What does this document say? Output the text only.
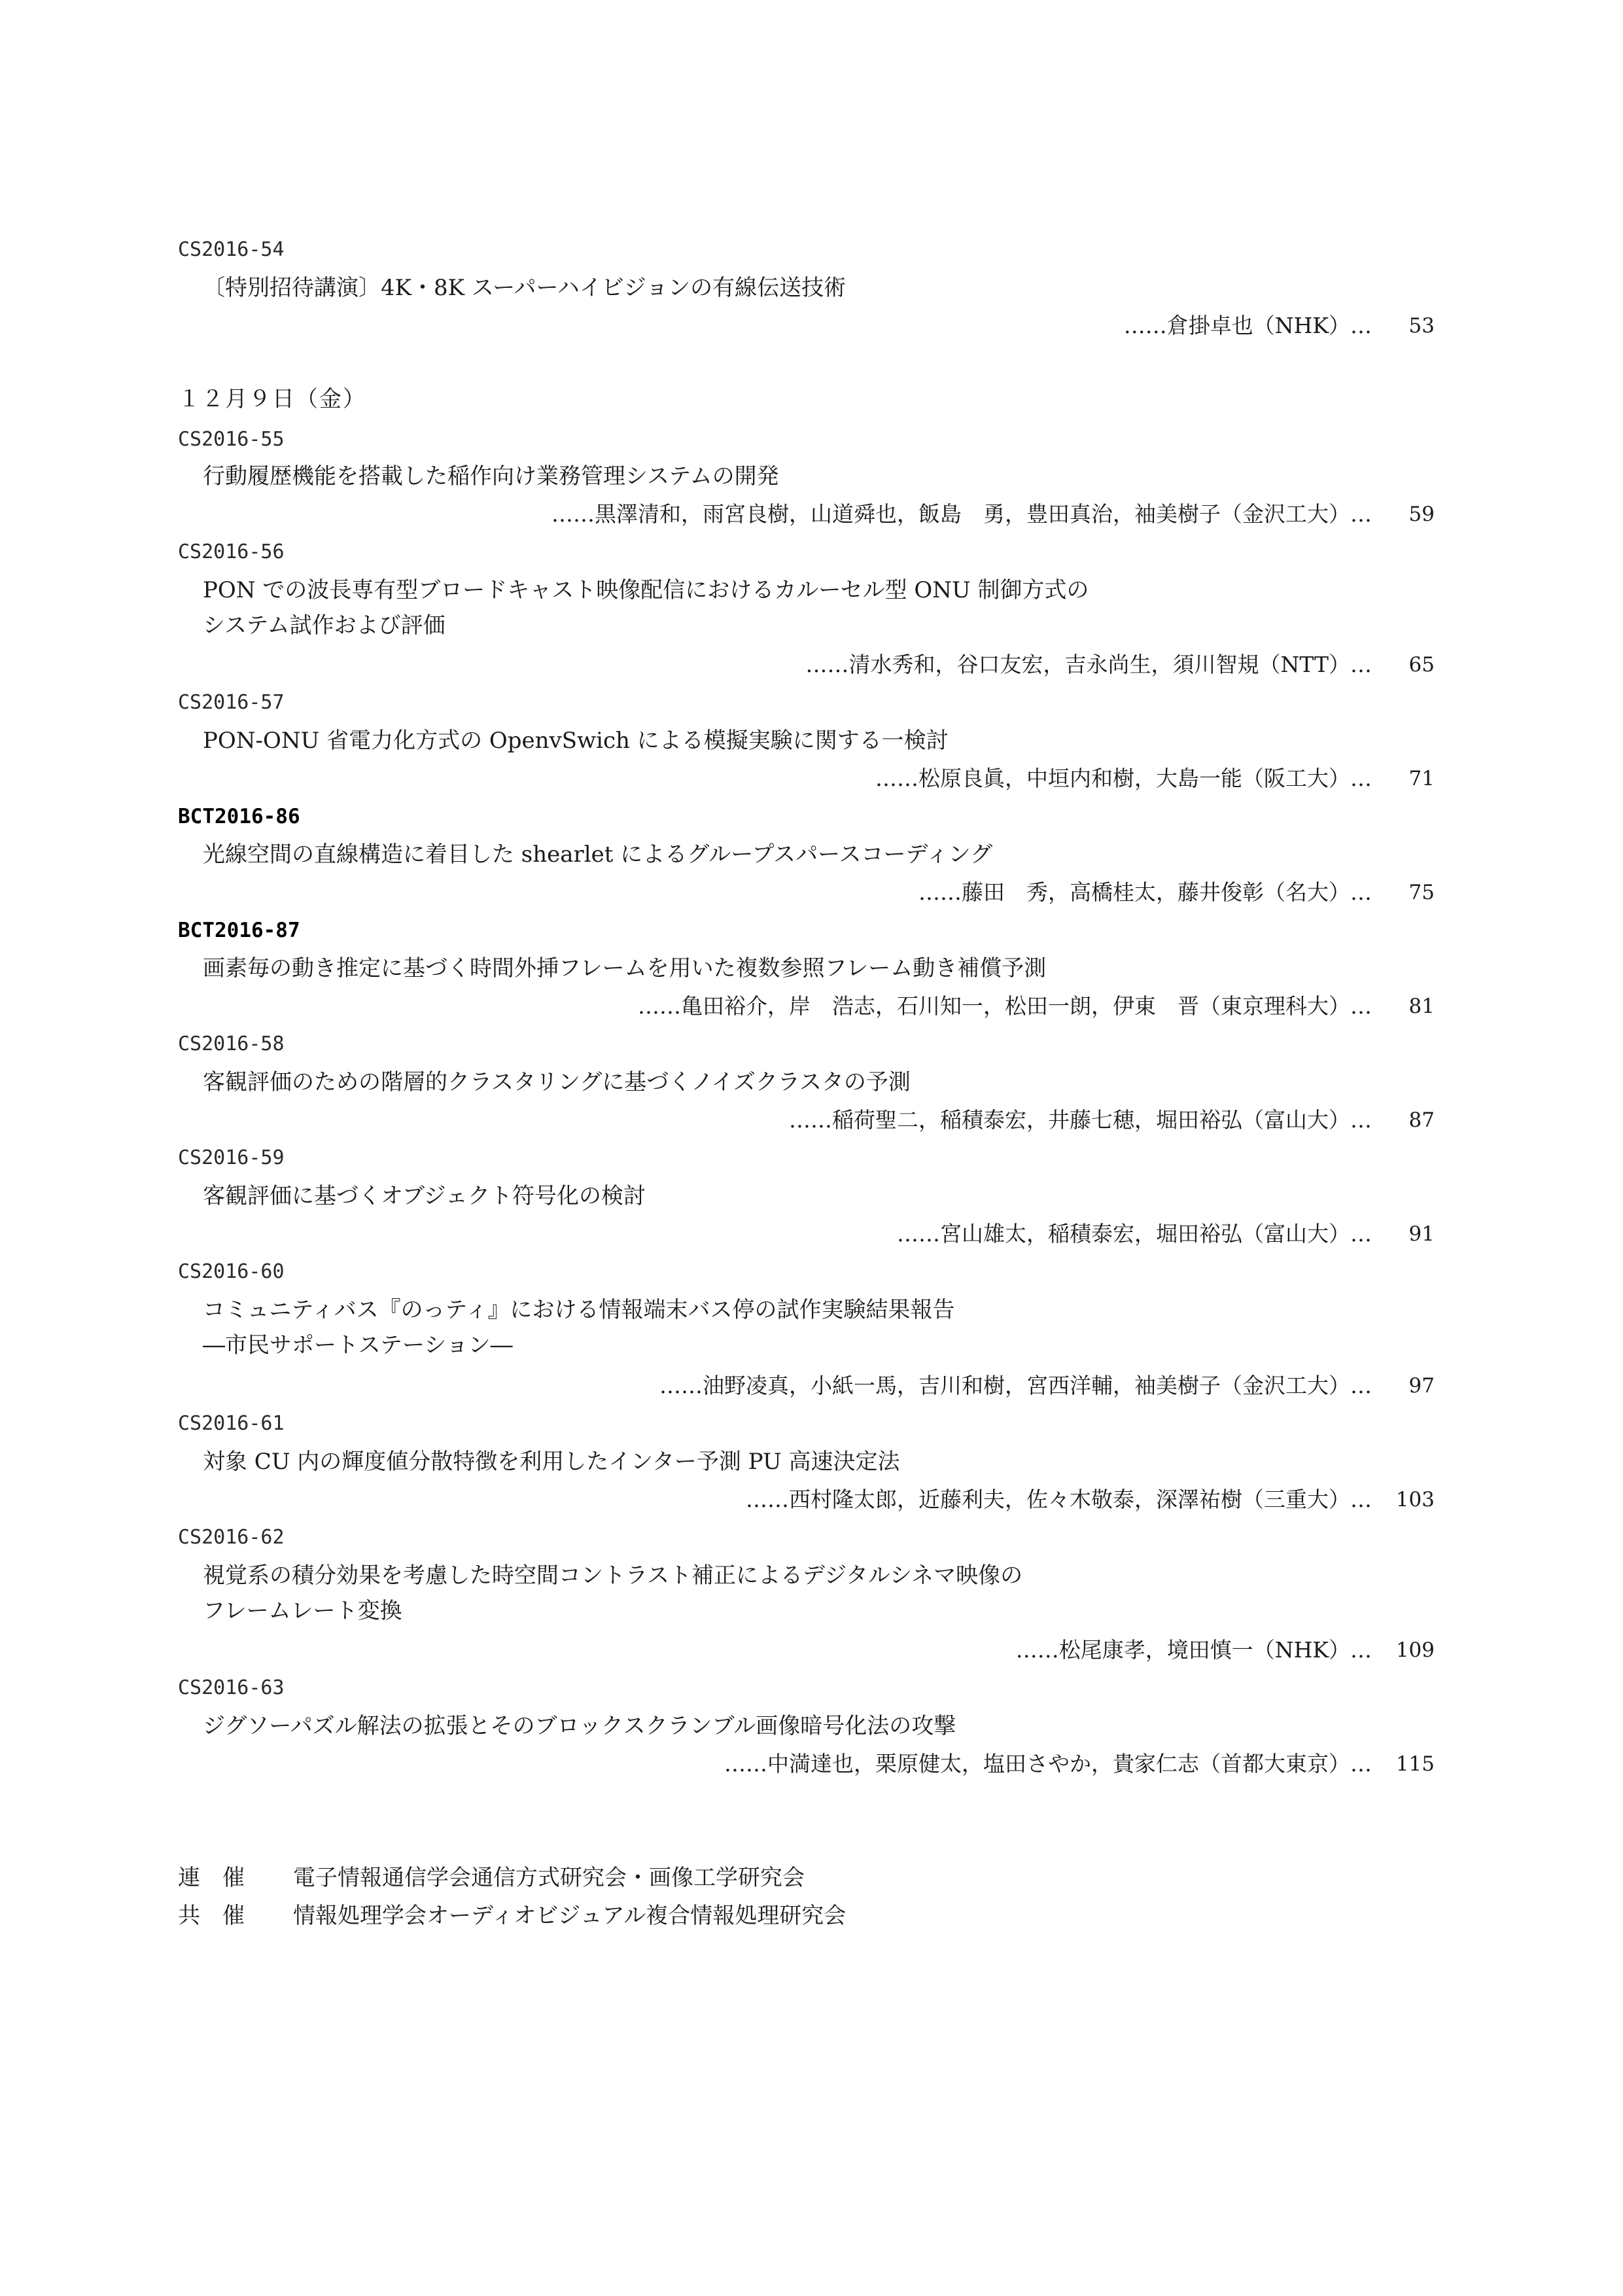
CS2016-54
〔特別招待講演〕4K・8K スーパーハイビジョンの有線伝送技術
……倉掛卓也（NHK）… 53
１２月９日（金）
CS2016-55
行動履歴機能を搭載した稲作向け業務管理システムの開発
……黒澤清和，雨宮良樹，山道舜也，飯島　勇，豊田真治，袖美樹子（金沢工大）… 59
CS2016-56
PON での波長専有型ブロードキャスト映像配信におけるカルーセル型 ONU 制御方式の
システム試作および評価
……清水秀和，谷口友宏，吉永尚生，須川智規（NTT）… 65
CS2016-57
PON-ONU 省電力化方式の OpenvSwich による模擬実験に関する一検討
……松原良眞，中垣内和樹，大島一能（阪工大）… 71
BCT2016-86
光線空間の直線構造に着目した shearlet によるグループスパースコーディング
……藤田　秀，高橋桂太，藤井俊彰（名大）… 75
BCT2016-87
画素毎の動き推定に基づく時間外挿フレームを用いた複数参照フレーム動き補償予測
……亀田裕介，岸　浩志，石川知一，松田一朗，伊東　晋（東京理科大）… 81
CS2016-58
客観評価のための階層的クラスタリングに基づくノイズクラスタの予測
……稲荷聖二，稲積泰宏，井藤七穂，堀田裕弘（富山大）… 87
CS2016-59
客観評価に基づくオブジェクト符号化の検討
……宮山雄太，稲積泰宏，堀田裕弘（富山大）… 91
CS2016-60
コミュニティバス『のっティ』における情報端末バス停の試作実験結果報告
―市民サポートステーション―
……油野凌真，小紙一馬，吉川和樹，宮西洋輔，袖美樹子（金沢工大）… 97
CS2016-61
対象 CU 内の輝度値分散特徴を利用したインター予測 PU 高速決定法
……西村隆太郎，近藤利夫，佐々木敬泰，深澤祐樹（三重大）… 103
CS2016-62
視覚系の積分効果を考慮した時空間コントラスト補正によるデジタルシネマ映像の
フレームレート変換
……松尾康孝，境田慎一（NHK）… 109
CS2016-63
ジグソーパズル解法の拡張とそのブロックスクランブル画像暗号化法の攻撃
……中満達也，栗原健太，塩田さやか，貴家仁志（首都大東京）… 115
連　催 電子情報通信学会通信方式研究会・画像工学研究会
共　催 情報処理学会オーディオビジュアル複合情報処理研究会
